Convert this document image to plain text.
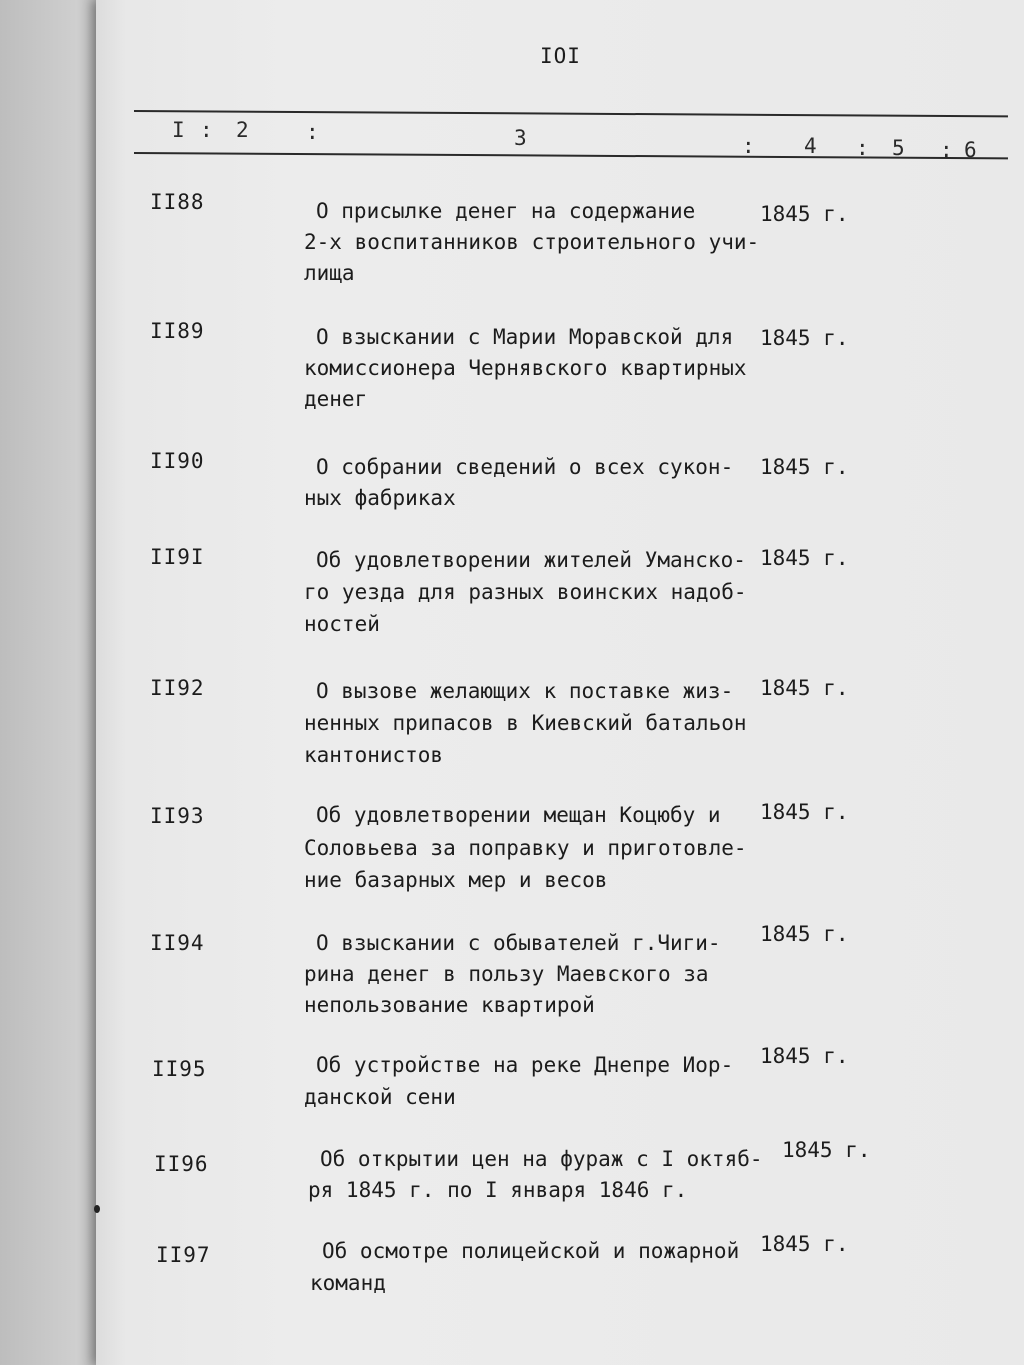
IOI
I : 2	:	3	: 4 : 5 : 6
II88	О присылке денег на содержание
2-х воспитанников строительного учи-
лища
1845 г.
II89	О взыскании с Марии Моравской для
комиссионера Чернявского квартирных
денег
1845 г.
II90	О собрании сведений о всех сукон-
ных фабриках
1845 г.
II9I	Об удовлетворении жителей Уманско-
го уезда для разных воинских надоб-
ностей
1845 г.
II92	О вызове желающих к поставке жиз-
ненных припасов в Киевский батальон
кантонистов
1845 г.
II93	Об удовлетворении мещан Коцюбу и
Соловьева за поправку и приготовле-
ние базарных мер и весов
1845 г.
II94	О взыскании с обывателей г.Чиги-
рина денег в пользу Маевского за
непользование квартирой
1845 г.
II95	Об устройстве на реке Днепре Иор-
данской сени
1845 г.
II96	Об открытии цен на фураж с I октяб-
ря 1845 г. по I января 1846 г.
1845 г.
II97	Об осмотре полицейской и пожарной
команд
1845 г.
